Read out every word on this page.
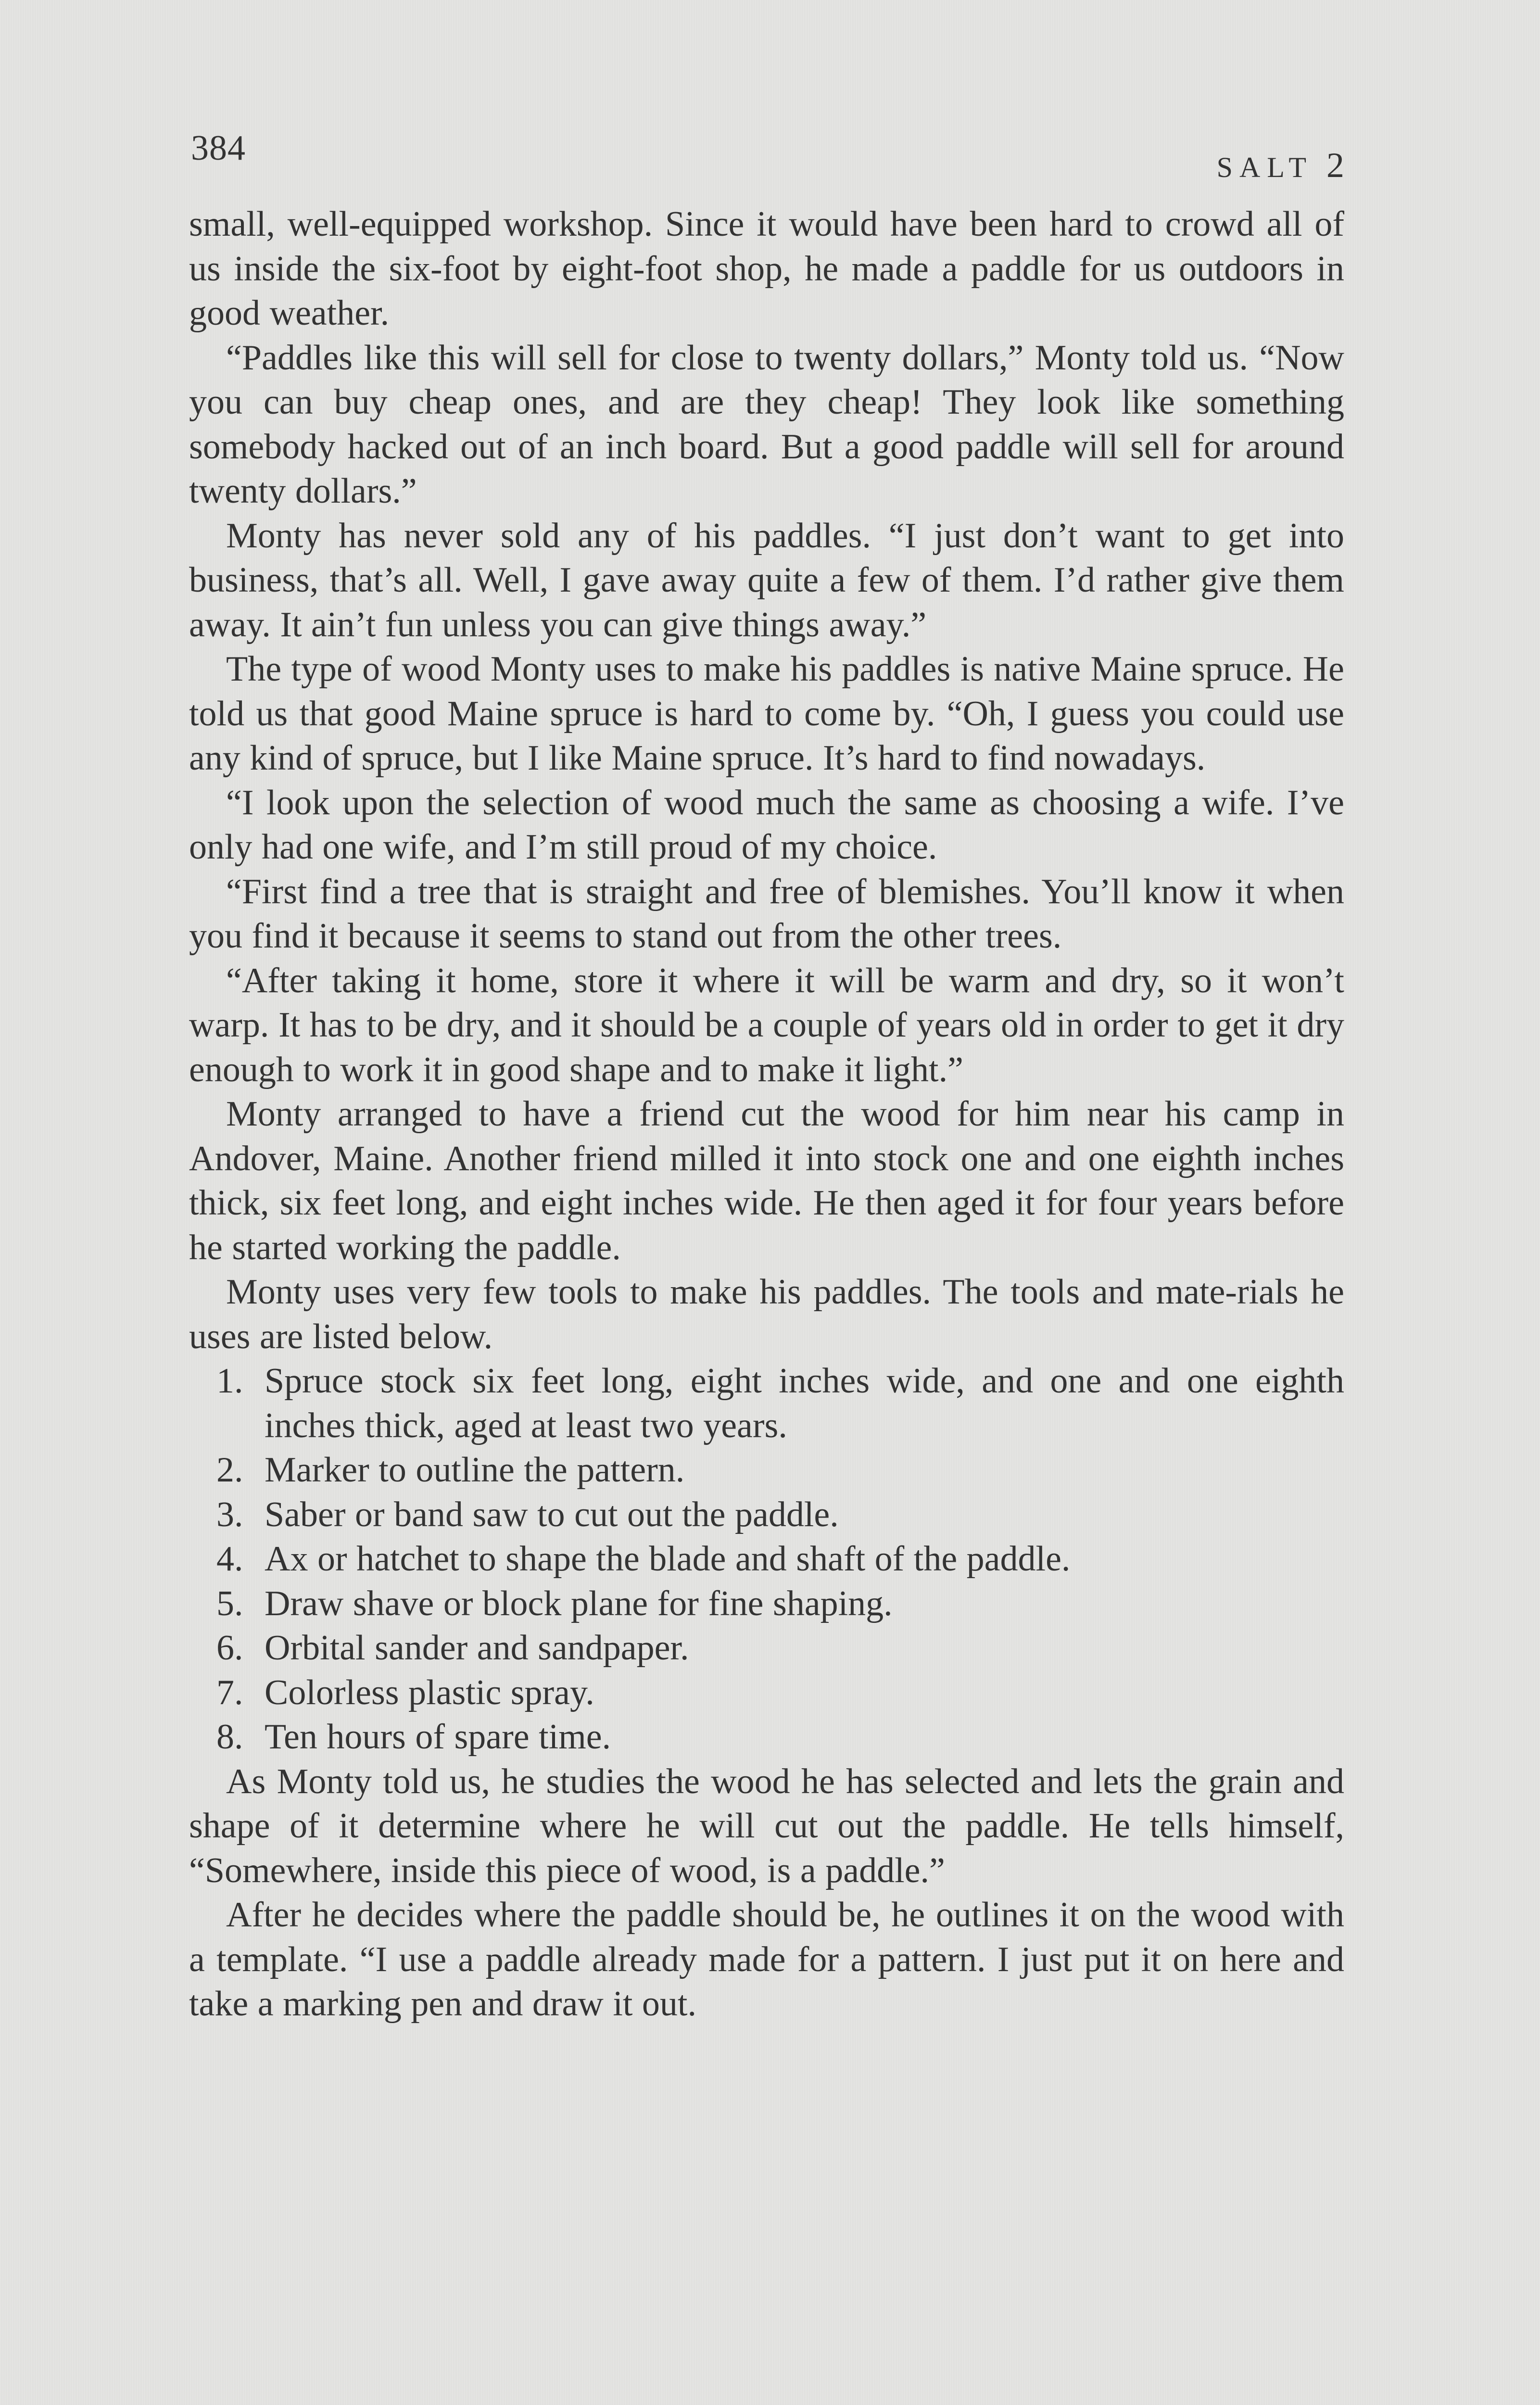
384	SALT 2

small, well-equipped workshop. Since it would have been hard to crowd all of us inside the six-foot by eight-foot shop, he made a paddle for us outdoors in good weather.

“Paddles like this will sell for close to twenty dollars,” Monty told us. “Now you can buy cheap ones, and are they cheap! They look like something somebody hacked out of an inch board. But a good paddle will sell for around twenty dollars.”

Monty has never sold any of his paddles. “I just don’t want to get into business, that’s all. Well, I gave away quite a few of them. I’d rather give them away. It ain’t fun unless you can give things away.”

The type of wood Monty uses to make his paddles is native Maine spruce. He told us that good Maine spruce is hard to come by. “Oh, I guess you could use any kind of spruce, but I like Maine spruce. It’s hard to find nowadays.

“I look upon the selection of wood much the same as choosing a wife. I’ve only had one wife, and I’m still proud of my choice.

“First find a tree that is straight and free of blemishes. You’ll know it when you find it because it seems to stand out from the other trees.

“After taking it home, store it where it will be warm and dry, so it won’t warp. It has to be dry, and it should be a couple of years old in order to get it dry enough to work it in good shape and to make it light.”

Monty arranged to have a friend cut the wood for him near his camp in Andover, Maine. Another friend milled it into stock one and one eighth inches thick, six feet long, and eight inches wide. He then aged it for four years before he started working the paddle.

Monty uses very few tools to make his paddles. The tools and mate-rials he uses are listed below.

1. Spruce stock six feet long, eight inches wide, and one and one eighth inches thick, aged at least two years.
2. Marker to outline the pattern.
3. Saber or band saw to cut out the paddle.
4. Ax or hatchet to shape the blade and shaft of the paddle.
5. Draw shave or block plane for fine shaping.
6. Orbital sander and sandpaper.
7. Colorless plastic spray.
8. Ten hours of spare time.

As Monty told us, he studies the wood he has selected and lets the grain and shape of it determine where he will cut out the paddle. He tells himself, “Somewhere, inside this piece of wood, is a paddle.”

After he decides where the paddle should be, he outlines it on the wood with a template. “I use a paddle already made for a pattern. I just put it on here and take a marking pen and draw it out.
